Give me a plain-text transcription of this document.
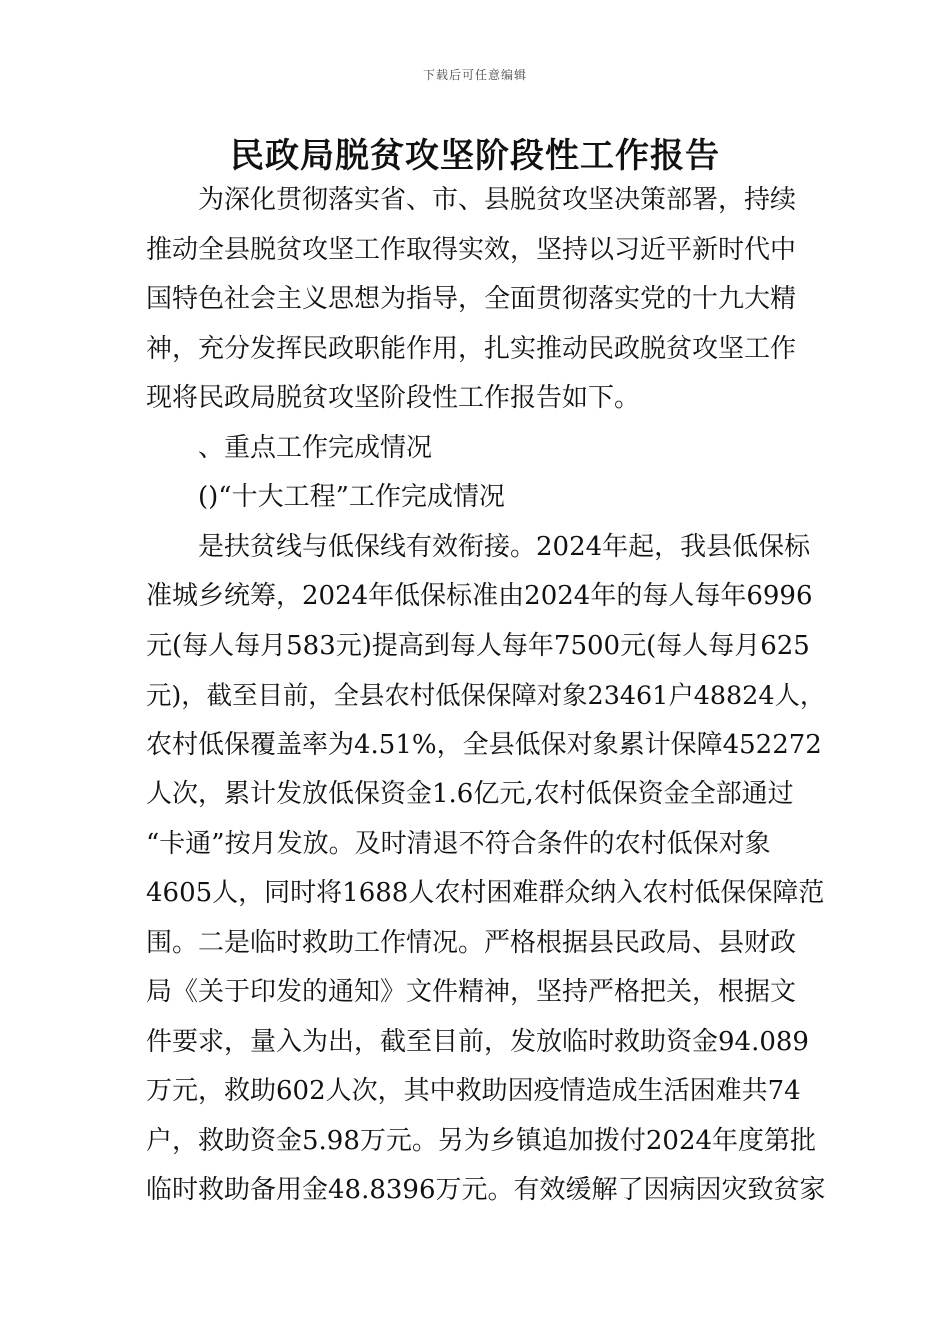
下载后可任意编辑
民政局脱贫攻坚阶段性工作报告
为深化贯彻落实省、市、县脱贫攻坚决策部署，持续
推动全县脱贫攻坚工作取得实效，坚持以习近平新时代中
国特色社会主义思想为指导，全面贯彻落实党的十九大精
神，充分发挥民政职能作用，扎实推动民政脱贫攻坚工作
现将民政局脱贫攻坚阶段性工作报告如下。
、重点工作完成情况
()“十大工程”工作完成情况
是扶贫线与低保线有效衔接。2024年起，我县低保标
准城乡统筹，2024年低保标准由2024年的每人每年6996
元(每人每月583元)提高到每人每年7500元(每人每月625
元)，截至目前，全县农村低保保障对象23461户48824人，
农村低保覆盖率为4.51%，全县低保对象累计保障452272
人次，累计发放低保资金1.6亿元,农村低保资金全部通过
“卡通”按月发放。及时清退不符合条件的农村低保对象
4605人，同时将1688人农村困难群众纳入农村低保保障范
围。二是临时救助工作情况。严格根据县民政局、县财政
局《关于印发的通知》文件精神，坚持严格把关，根据文
件要求，量入为出，截至目前，发放临时救助资金94.089
万元，救助602人次，其中救助因疫情造成生活困难共74
户，救助资金5.98万元。另为乡镇追加拨付2024年度第批
临时救助备用金48.8396万元。有效缓解了因病因灾致贫家
